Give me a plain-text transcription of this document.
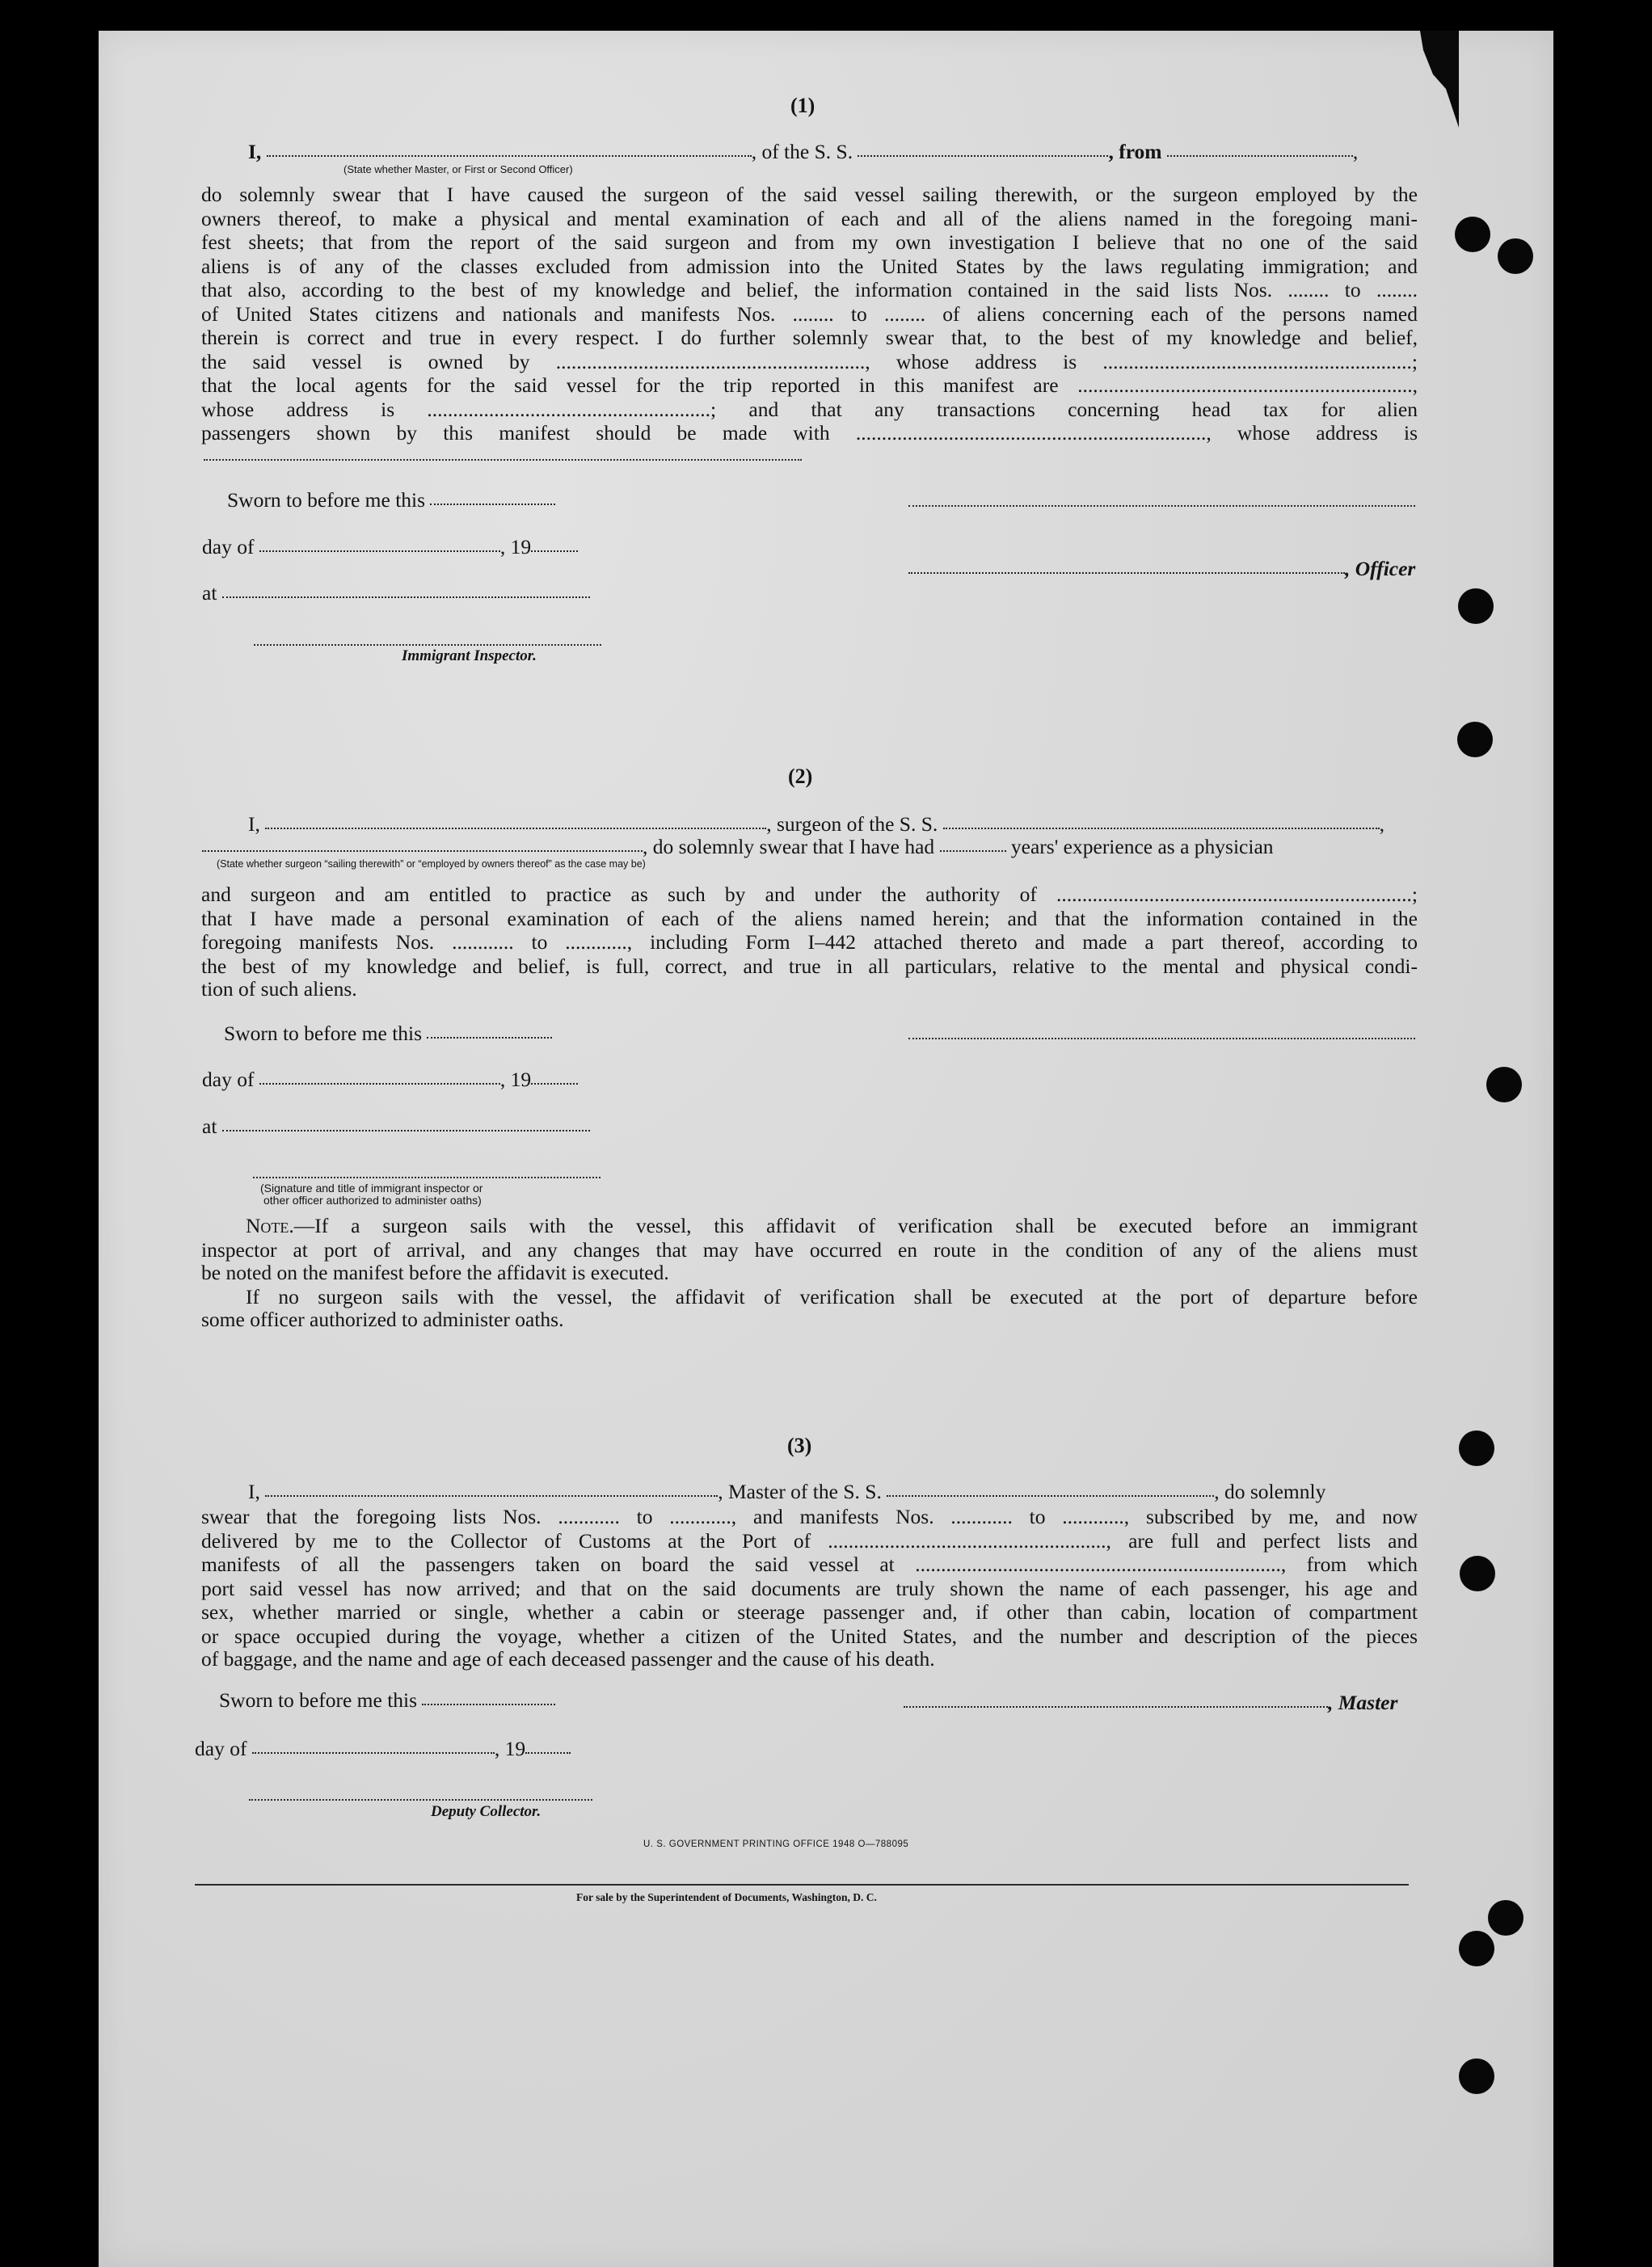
(1)
I,	, of the S. S.	, from	,
(State whether Master, or First or Second Officer)
do solemnly swear that I have caused the surgeon of the said vessel sailing therewith, or the surgeon employed by the
owners thereof, to make a physical and mental examination of each and all of the aliens named in the foregoing mani-
fest sheets; that from the report of the said surgeon and from my own investigation I believe that no one of the said
aliens is of any of the classes excluded from admission into the United States by the laws regulating immigration; and
that also, according to the best of my knowledge and belief, the information contained in the said lists Nos. ........ to ........
of United States citizens and nationals and manifests Nos. ........ to ........ of aliens concerning each of the persons named
therein is correct and true in every respect. I do further solemnly swear that, to the best of my knowledge and belief,
the said vessel is owned by ............................................................, whose address is ............................................................;
that the local agents for the said vessel for the trip reported in this manifest are .................................................................,
whose address is .......................................................; and that any transactions concerning head tax for alien
passengers shown by this manifest should be made with ...................................................................., whose address is
Sworn to before me this
day of	, 19
, Officer
at
Immigrant Inspector.
(2)
I,	, surgeon of the S. S.	,
, do solemnly swear that I have had	years' experience as a physician
(State whether surgeon “sailing therewith” or “employed by owners thereof” as the case may be)
and surgeon and am entitled to practice as such by and under the authority of .....................................................................;
that I have made a personal examination of each of the aliens named herein; and that the information contained in the
foregoing manifests Nos. ............ to ............, including Form I–442 attached thereto and made a part thereof, according to
the best of my knowledge and belief, is full, correct, and true in all particulars, relative to the mental and physical condi-
tion of such aliens.
Sworn to before me this
day of	, 19
at
(Signature and title of immigrant inspector or
other officer authorized to administer oaths)
Note.—If a surgeon sails with the vessel, this affidavit of verification shall be executed before an immigrant
inspector at port of arrival, and any changes that may have occurred en route in the condition of any of the aliens must
be noted on the manifest before the affidavit is executed.
If no surgeon sails with the vessel, the affidavit of verification shall be executed at the port of departure before
some officer authorized to administer oaths.
(3)
I,	, Master of the S. S.	, do solemnly
swear that the foregoing lists Nos. ............ to ............, and manifests Nos. ............ to ............, subscribed by me, and now
delivered by me to the Collector of Customs at the Port of ......................................................, are full and perfect lists and
manifests of all the passengers taken on board the said vessel at ......................................................................., from which
port said vessel has now arrived; and that on the said documents are truly shown the name of each passenger, his age and
sex, whether married or single, whether a cabin or steerage passenger and, if other than cabin, location of compartment
or space occupied during the voyage, whether a citizen of the United States, and the number and description of the pieces
of baggage, and the name and age of each deceased passenger and the cause of his death.
Sworn to before me this	, Master
day of	, 19
Deputy Collector.
U. S. GOVERNMENT PRINTING OFFICE 1948 O—788095
For sale by the Superintendent of Documents, Washington, D. C.
